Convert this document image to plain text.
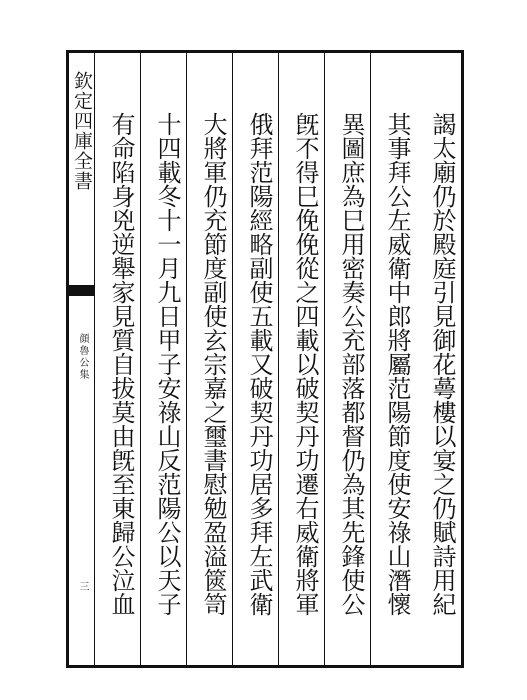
欽定四庫全書
顔魯公集
三	謁太廟仍於殿庭引見御花蕚樓以宴之仍賦詩用紀
其事拜公左威衛中郎將屬范陽節度使安祿山潛懷
異圖庶為巳用密奏公充部落都督仍為其先鋒使公
旣不得巳俛俛從之四載以破契丹功遷右威衛將軍
俄拜范陽經略副使五載又破契丹功居多拜左武衛
大將軍仍充節度副使玄宗嘉之璽書慰勉盈溢篋笥
十四載冬十一月九日甲子安祿山反范陽公以天子
有命陷身兇逆舉家見質自拔莫由旣至東歸公泣血
